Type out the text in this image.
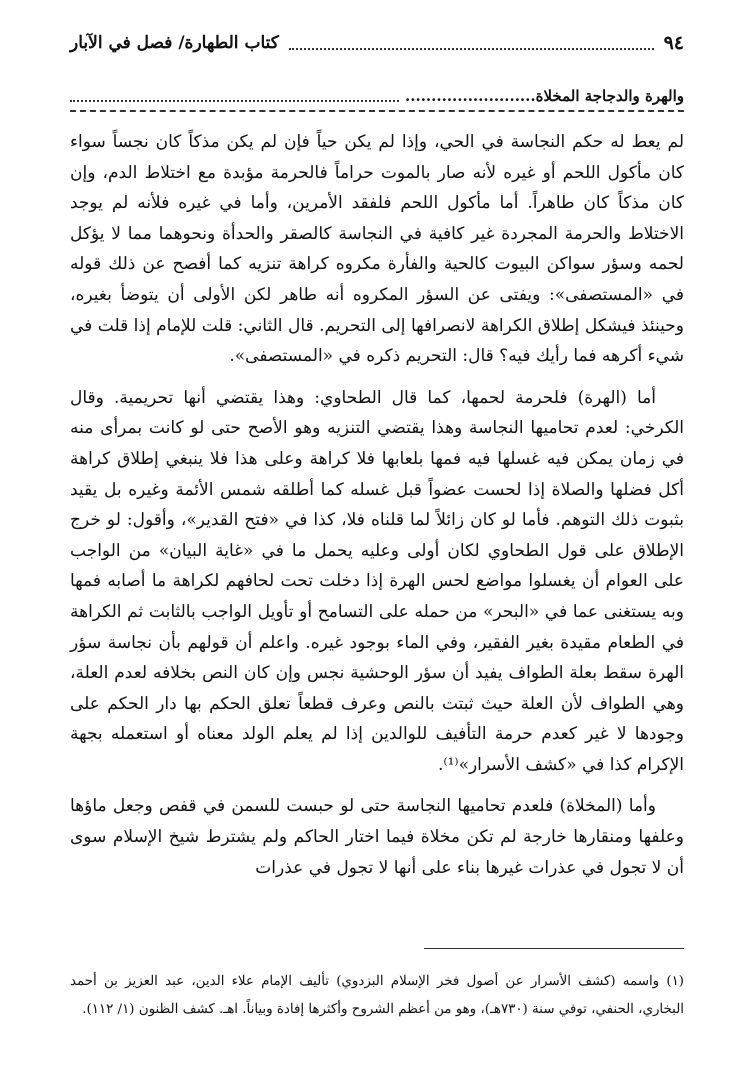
٩٤
كتاب الطهارة/ فصل في الآبار
والهرة والدجاجة المخلاة.........................

لم يعط له حكم النجاسة في الحي، وإذا لم يكن حياً فإن لم يكن مذكاً كان نجساً سواء كان مأكول اللحم أو غيره لأنه صار بالموت حراماً فالحرمة مؤبدة مع اختلاط الدم، وإن كان مذكاً كان طاهراً. أما مأكول اللحم فلفقد الأمرين، وأما في غيره فلأنه لم يوجد الاختلاط والحرمة المجردة غير كافية في النجاسة كالصقر والحدأة ونحوهما مما لا يؤكل لحمه وسؤر سواكن البيوت كالحية والفأرة مكروه كراهة تنزيه كما أفصح عن ذلك قوله في «المستصفى»: ويفتى عن السؤر المكروه أنه طاهر لكن الأولى أن يتوضأ بغيره، وحينئذ فيشكل إطلاق الكراهة لانصرافها إلى التحريم. قال الثاني: قلت للإمام إذا قلت في شيء أكرهه فما رأيك فيه؟ قال: التحريم ذكره في «المستصفى».

أما (الهرة) فلحرمة لحمها، كما قال الطحاوي: وهذا يقتضي أنها تحريمية. وقال الكرخي: لعدم تحاميها النجاسة وهذا يقتضي التنزيه وهو الأصح حتى لو كانت بمرأى منه في زمان يمكن فيه غسلها فيه فمها بلعابها فلا كراهة وعلى هذا فلا ينبغي إطلاق كراهة أكل فضلها والصلاة إذا لحست عضواً قبل غسله كما أطلقه شمس الأئمة وغيره بل يقيد بثبوت ذلك التوهم. فأما لو كان زائلاً لما قلناه فلا، كذا في «فتح القدير»، وأقول: لو خرج الإطلاق على قول الطحاوي لكان أولى وعليه يحمل ما في «غاية البيان» من الواجب على العوام أن يغسلوا مواضع لحس الهرة إذا دخلت تحت لحافهم لكراهة ما أصابه فمها وبه يستغنى عما في «البحر» من حمله على التسامح أو تأويل الواجب بالثابت ثم الكراهة في الطعام مقيدة بغير الفقير، وفي الماء بوجود غيره. واعلم أن قولهم بأن نجاسة سؤر الهرة سقط بعلة الطواف يفيد أن سؤر الوحشية نجس وإن كان النص بخلافه لعدم العلة، وهي الطواف لأن العلة حيث ثبتت بالنص وعرف قطعاً تعلق الحكم بها دار الحكم على وجودها لا غير كعدم حرمة التأفيف للوالدين إذا لم يعلم الولد معناه أو استعمله بجهة الإكرام كذا في «كشف الأسرار»⁽¹⁾.

وأما (المخلاة) فلعدم تحاميها النجاسة حتى لو حبست للسمن في قفص وجعل ماؤها وعلفها ومنقارها خارجة لم تكن مخلاة فيما اختار الحاكم ولم يشترط شيخ الإسلام سوى أن لا تجول في عذرات غيرها بناء على أنها لا تجول في عذرات

(١) واسمه (كشف الأسرار عن أصول فخر الإسلام البزدوي) تأليف الإمام علاء الدين، عبد العزيز بن أحمد البخاري، الحنفي، توفي سنة (٧٣٠هـ)، وهو من أعظم الشروح وأكثرها إفادة وبياناً. اهـ. كشف الظنون (١/ ١١٢).
